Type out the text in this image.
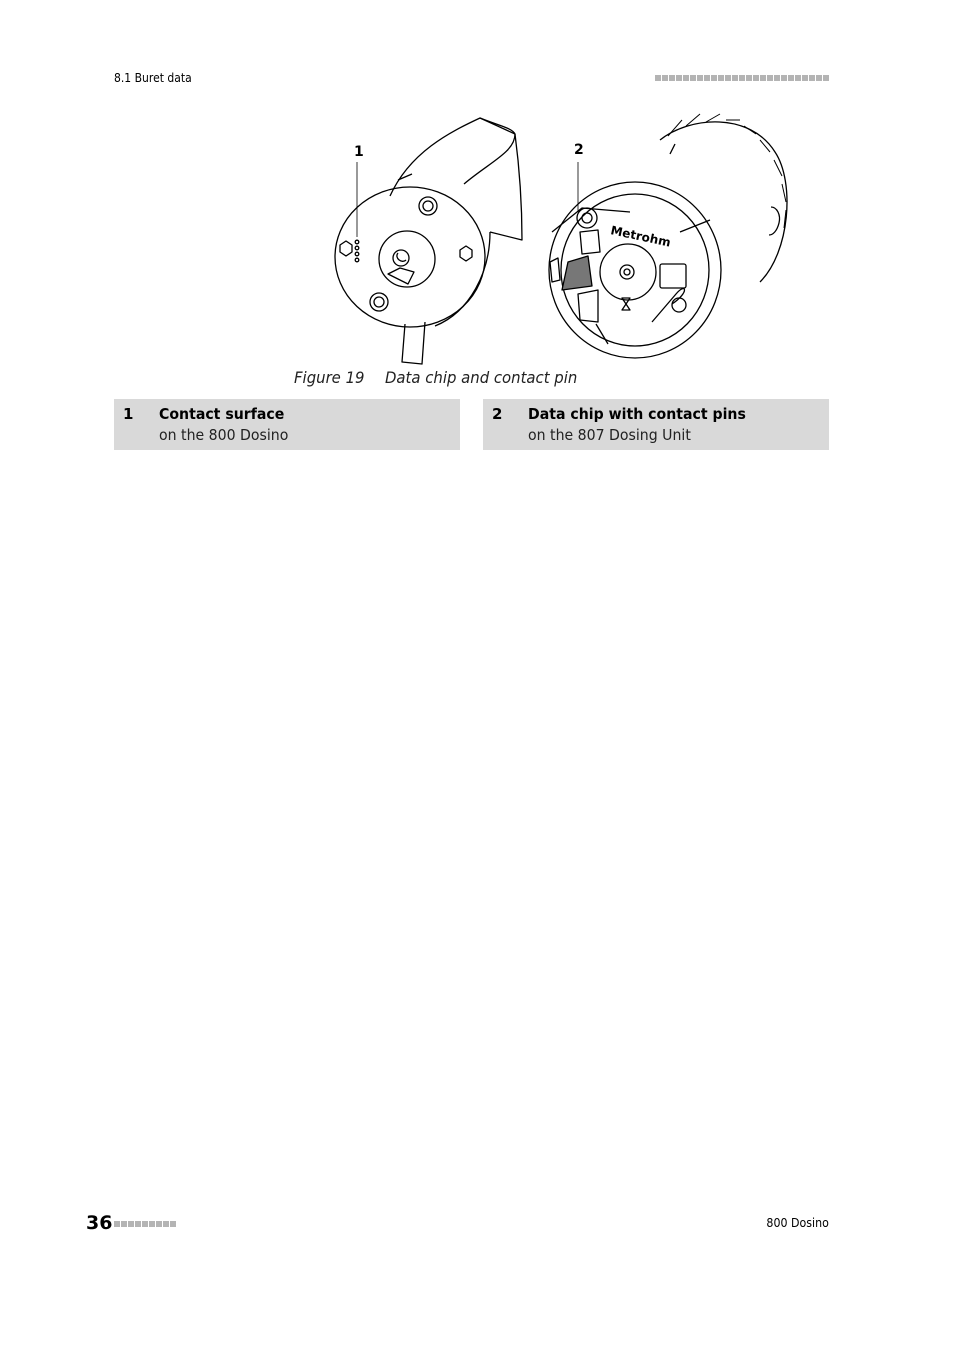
8.1 Buret data
Metrohm
1	2
Figure 19 Data chip and contact pin
1 Contact surface
on the 800 Dosino
2 Data chip with contact pins
on the 807 Dosing Unit
36	800 Dosino
